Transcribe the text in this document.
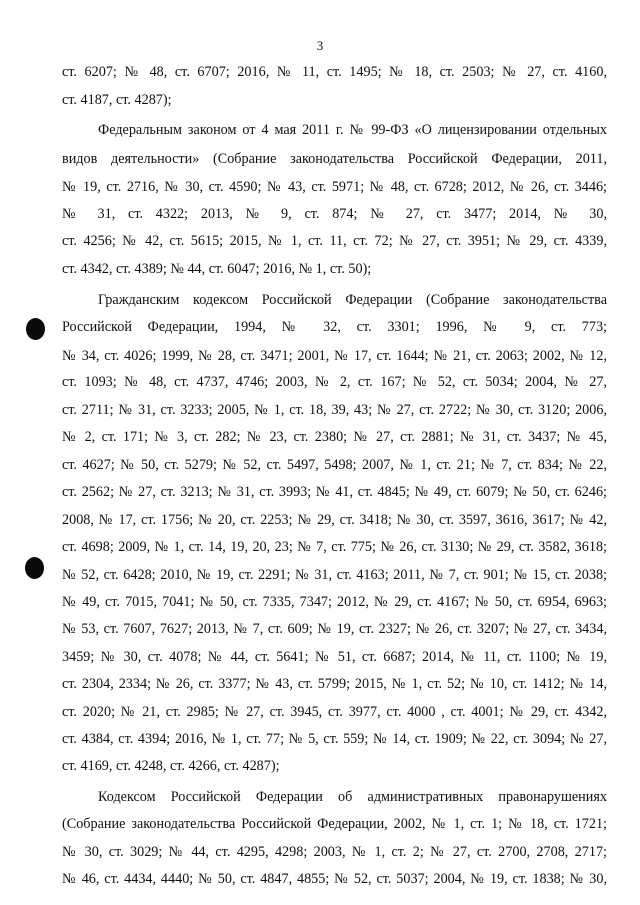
3
ст. 6207; № 48, ст. 6707; 2016, № 11, ст. 1495; № 18, ст. 2503; № 27, ст. 4160,
ст. 4187, ст. 4287);
Федеральным законом от 4 мая 2011 г. № 99-ФЗ «О лицензировании отдельных
видов деятельности» (Собрание законодательства Российской Федерации, 2011,
№ 19, ст. 2716, № 30, ст. 4590; № 43, ст. 5971; № 48, ст. 6728; 2012, № 26, ст. 3446;
№ 31, ст. 4322; 2013, № 9, ст. 874; № 27, ст. 3477; 2014, № 30,
ст. 4256; № 42, ст. 5615; 2015, № 1, ст. 11, ст. 72; № 27, ст. 3951; № 29, ст. 4339,
ст. 4342, ст. 4389; № 44, ст. 6047; 2016, № 1, ст. 50);
Гражданским кодексом Российской Федерации (Собрание законодательства
Российской Федерации, 1994, № 32, ст. 3301; 1996, № 9, ст. 773;
№ 34, ст. 4026; 1999, № 28, ст. 3471; 2001, № 17, ст. 1644; № 21, ст. 2063; 2002, № 12,
ст. 1093; № 48, ст. 4737, 4746; 2003, № 2, ст. 167; № 52, ст. 5034; 2004, № 27,
ст. 2711; № 31, ст. 3233; 2005, № 1, ст. 18, 39, 43; № 27, ст. 2722; № 30, ст. 3120; 2006,
№ 2, ст. 171; № 3, ст. 282; № 23, ст. 2380; № 27, ст. 2881; № 31, ст. 3437; № 45,
ст. 4627; № 50, ст. 5279; № 52, ст. 5497, 5498; 2007, № 1, ст. 21; № 7, ст. 834; № 22,
ст. 2562; № 27, ст. 3213; № 31, ст. 3993; № 41, ст. 4845; № 49, ст. 6079; № 50, ст. 6246;
2008, № 17, ст. 1756; № 20, ст. 2253; № 29, ст. 3418; № 30, ст. 3597, 3616, 3617; № 42,
ст. 4698; 2009, № 1, ст. 14, 19, 20, 23; № 7, ст. 775; № 26, ст. 3130; № 29, ст. 3582, 3618;
№ 52, ст. 6428; 2010, № 19, ст. 2291; № 31, ст. 4163; 2011, № 7, ст. 901; № 15, ст. 2038;
№ 49, ст. 7015, 7041; № 50, ст. 7335, 7347; 2012, № 29, ст. 4167; № 50, ст. 6954, 6963;
№ 53, ст. 7607, 7627; 2013, № 7, ст. 609; № 19, ст. 2327; № 26, ст. 3207; № 27, ст. 3434,
3459; № 30, ст. 4078; № 44, ст. 5641; № 51, ст. 6687; 2014, № 11, ст. 1100; № 19,
ст. 2304, 2334; № 26, ст. 3377; № 43, ст. 5799; 2015, № 1, ст. 52; № 10, ст. 1412; № 14,
ст. 2020; № 21, ст. 2985; № 27, ст. 3945, ст. 3977, ст. 4000 , ст. 4001; № 29, ст. 4342,
ст. 4384, ст. 4394; 2016, № 1, ст. 77; № 5, ст. 559; № 14, ст. 1909; № 22, ст. 3094; № 27,
ст. 4169, ст. 4248, ст. 4266, ст. 4287);
Кодексом Российской Федерации об административных правонарушениях
(Собрание законодательства Российской Федерации, 2002, № 1, ст. 1; № 18, ст. 1721;
№ 30, ст. 3029; № 44, ст. 4295, 4298; 2003, № 1, ст. 2; № 27, ст. 2700, 2708, 2717;
№ 46, ст. 4434, 4440; № 50, ст. 4847, 4855; № 52, ст. 5037; 2004, № 19, ст. 1838; № 30,
